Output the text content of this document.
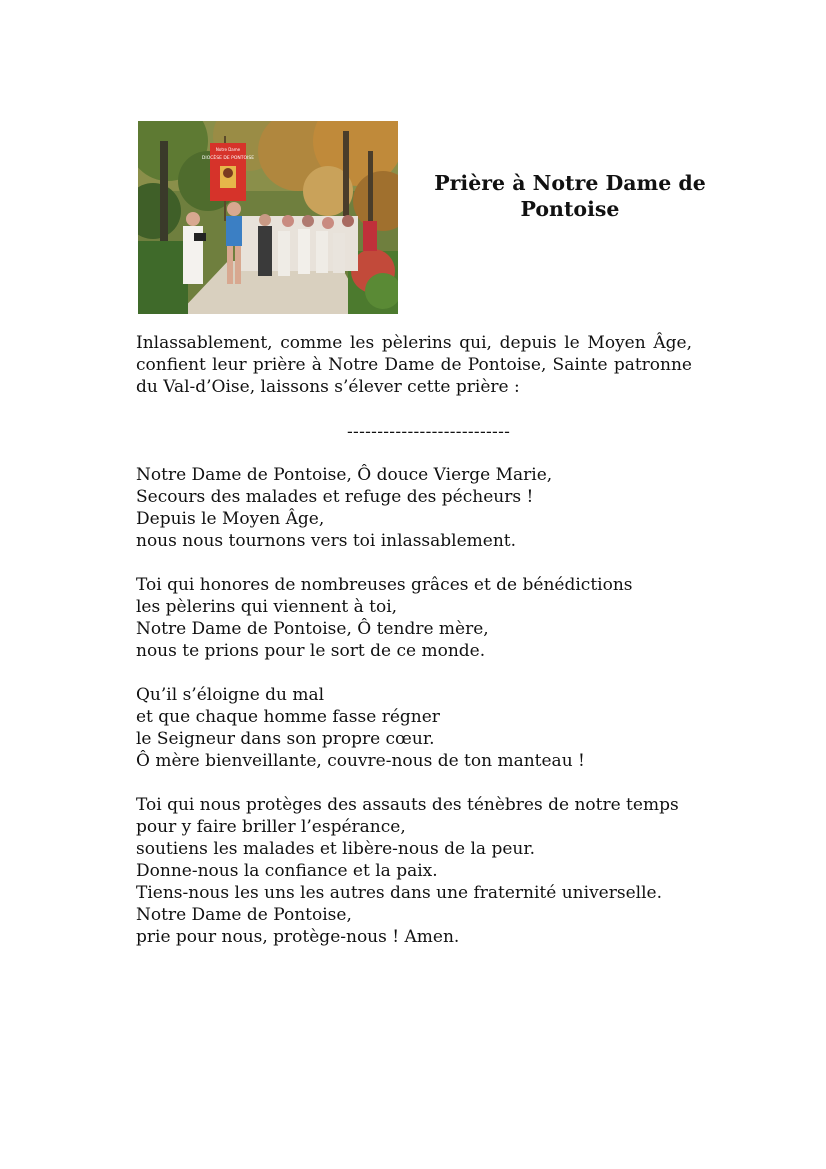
Notre Dame
DIOCÈSE DE PONTOISE
Prière à Notre Dame de
Pontoise

Inlassablement, comme les pèlerins qui, depuis le Moyen Âge, confient leur prière à Notre Dame de Pontoise, Sainte patronne du Val-d’Oise, laissons s’élever cette prière :

---------------------------

Notre Dame de Pontoise, Ô douce Vierge Marie,
Secours des malades et refuge des pécheurs !
Depuis le Moyen Âge,
nous nous tournons vers toi inlassablement.

Toi qui honores de nombreuses grâces et de bénédictions
les pèlerins qui viennent à toi,
Notre Dame de Pontoise, Ô tendre mère,
nous te prions pour le sort de ce monde.

Qu’il s’éloigne du mal
et que chaque homme fasse régner
le Seigneur dans son propre cœur.
Ô mère bienveillante, couvre-nous de ton manteau !

Toi qui nous protèges des assauts des ténèbres de notre temps
pour y faire briller l’espérance,
soutiens les malades et libère-nous de la peur.
Donne-nous la confiance et la paix.
Tiens-nous les uns les autres dans une fraternité universelle.
Notre Dame de Pontoise,
prie pour nous, protège-nous ! Amen.
